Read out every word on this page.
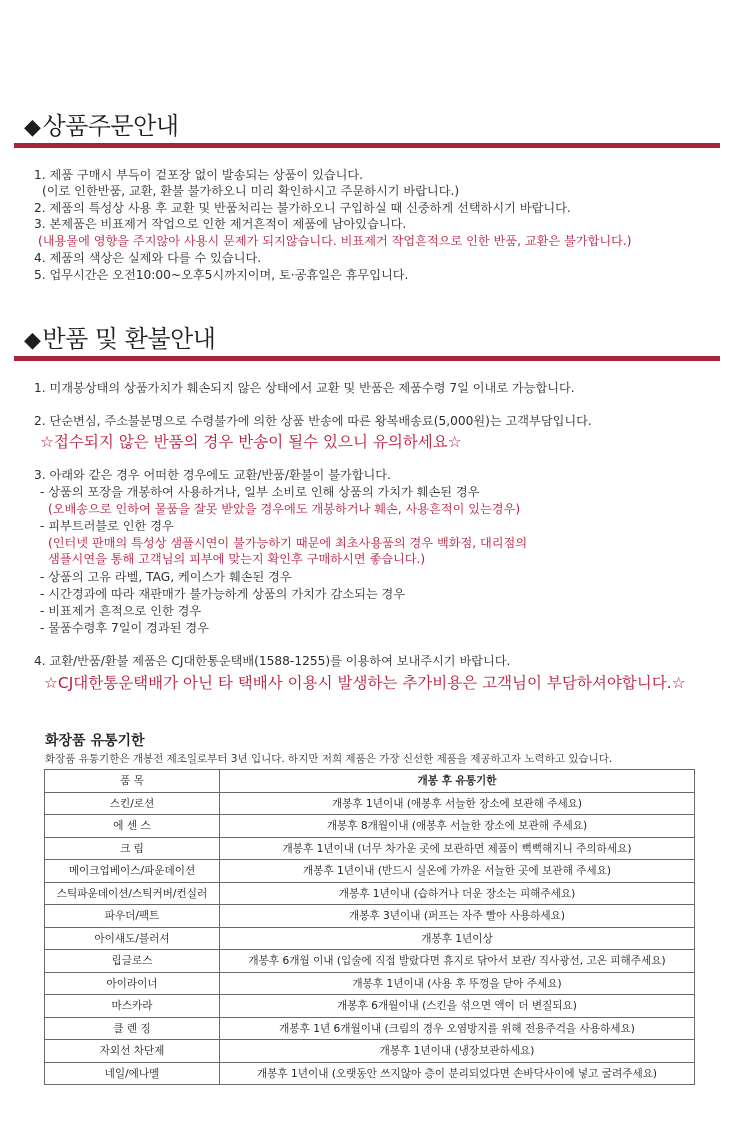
◆상품주문안내
1. 제품 구매시 부득이 겉포장 없이 발송되는 상품이 있습니다.
(이로 인한반품, 교환, 환불 불가하오니 미리 확인하시고 주문하시기 바랍니다.)
2. 제품의 특성상 사용 후 교환 및 반품처리는 불가하오니 구입하실 때 신중하게 선택하시기 바랍니다.
3. 본제품은 비표제거 작업으로 인한 제거흔적이 제품에 남아있습니다.
(내용물에 영향을 주지않아 사용시 문제가 되지않습니다. 비표제거 작업흔적으로 인한 반품, 교환은 불가합니다.)
4. 제품의 색상은 실제와 다를 수 있습니다.
5. 업무시간은 오전10:00~오후5시까지이며, 토·공휴일은 휴무입니다.
◆반품 및 환불안내
1. 미개봉상태의 상품가치가 훼손되지 않은 상태에서 교환 및 반품은 제품수령 7일 이내로 가능합니다.
2. 단순변심, 주소불분명으로 수령불가에 의한 상품 반송에 따른 왕복배송료(5,000원)는 고객부담입니다.
☆접수되지 않은 반품의 경우 반송이 될수 있으니 유의하세요☆
3. 아래와 같은 경우 어떠한 경우에도 교환/반품/환불이 불가합니다.
- 상품의 포장을 개봉하여 사용하거나, 일부 소비로 인해 상품의 가치가 훼손된 경우
(오배송으로 인하여 물품을 잘못 받았을 경우에도 개봉하거나 훼손, 사용흔적이 있는경우)
- 피부트러블로 인한 경우
(인터넷 판매의 특성상 샘플시연이 불가능하기 때문에 최초사용품의 경우 백화점, 대리점의
샘플시연을 통해 고객님의 피부에 맞는지 확인후 구매하시면 좋습니다.)
- 상품의 고유 라벨, TAG, 케이스가 훼손된 경우
- 시간경과에 따라 재판매가 불가능하게 상품의 가치가 감소되는 경우
- 비표제거 흔적으로 인한 경우
- 물품수령후 7일이 경과된 경우
4. 교환/반품/환불 제품은 CJ대한통운택배(1588-1255)를 이용하여 보내주시기 바랍니다.
☆CJ대한통운택배가 아닌 타 택배사 이용시 발생하는 추가비용은 고객님이 부담하셔야합니다.☆
화장품 유통기한
화장품 유통기한은 개봉전 제조일로부터 3년 입니다. 하지만 저희 제품은 가장 신선한 제품을 제공하고자 노력하고 있습니다.
품 목	개봉 후 유통기한
스킨/로션	개봉후 1년이내 (애봉후 서늘한 장소에 보관해 주세요)
에 센 스	개봉후 8개월이내 (애봉후 서늘한 장소에 보관해 주세요)
크 림	개봉후 1년이내 (너무 차가운 곳에 보관하면 제품이 뻑뻑해지니 주의하세요)
메이크업베이스/파운데이션	개봉후 1년이내 (반드시 실온에 가까운 서늘한 곳에 보관해 주세요)
스틱파운데이션/스틱커버/컨실러	개봉후 1년이내 (습하거나 더운 장소는 피해주세요)
파우더/팩트	개봉후 3년이내 (퍼프는 자주 빨아 사용하세요)
아이섀도/블러셔	개봉후 1년이상
립글로스	개봉후 6개월 이내 (입술에 직접 발랐다면 휴지로 닦아서 보관/ 직사광선, 고온 피해주세요)
아이라이너	개봉후 1년이내 (사용 후 뚜껑을 닫아 주세요)
마스카라	개봉후 6개월이내 (스킨을 섞으면 액이 더 변질되요)
클 렌 징	개봉후 1년 6개월이내 (크림의 경우 오염방지를 위해 전용주걱을 사용하세요)
자외선 차단제	개봉후 1년이내 (냉장보관하세요)
네일/에나멜	개봉후 1년이내 (오랫동안 쓰지않아 층이 분리되었다면 손바닥사이에 넣고 굴려주세요)
